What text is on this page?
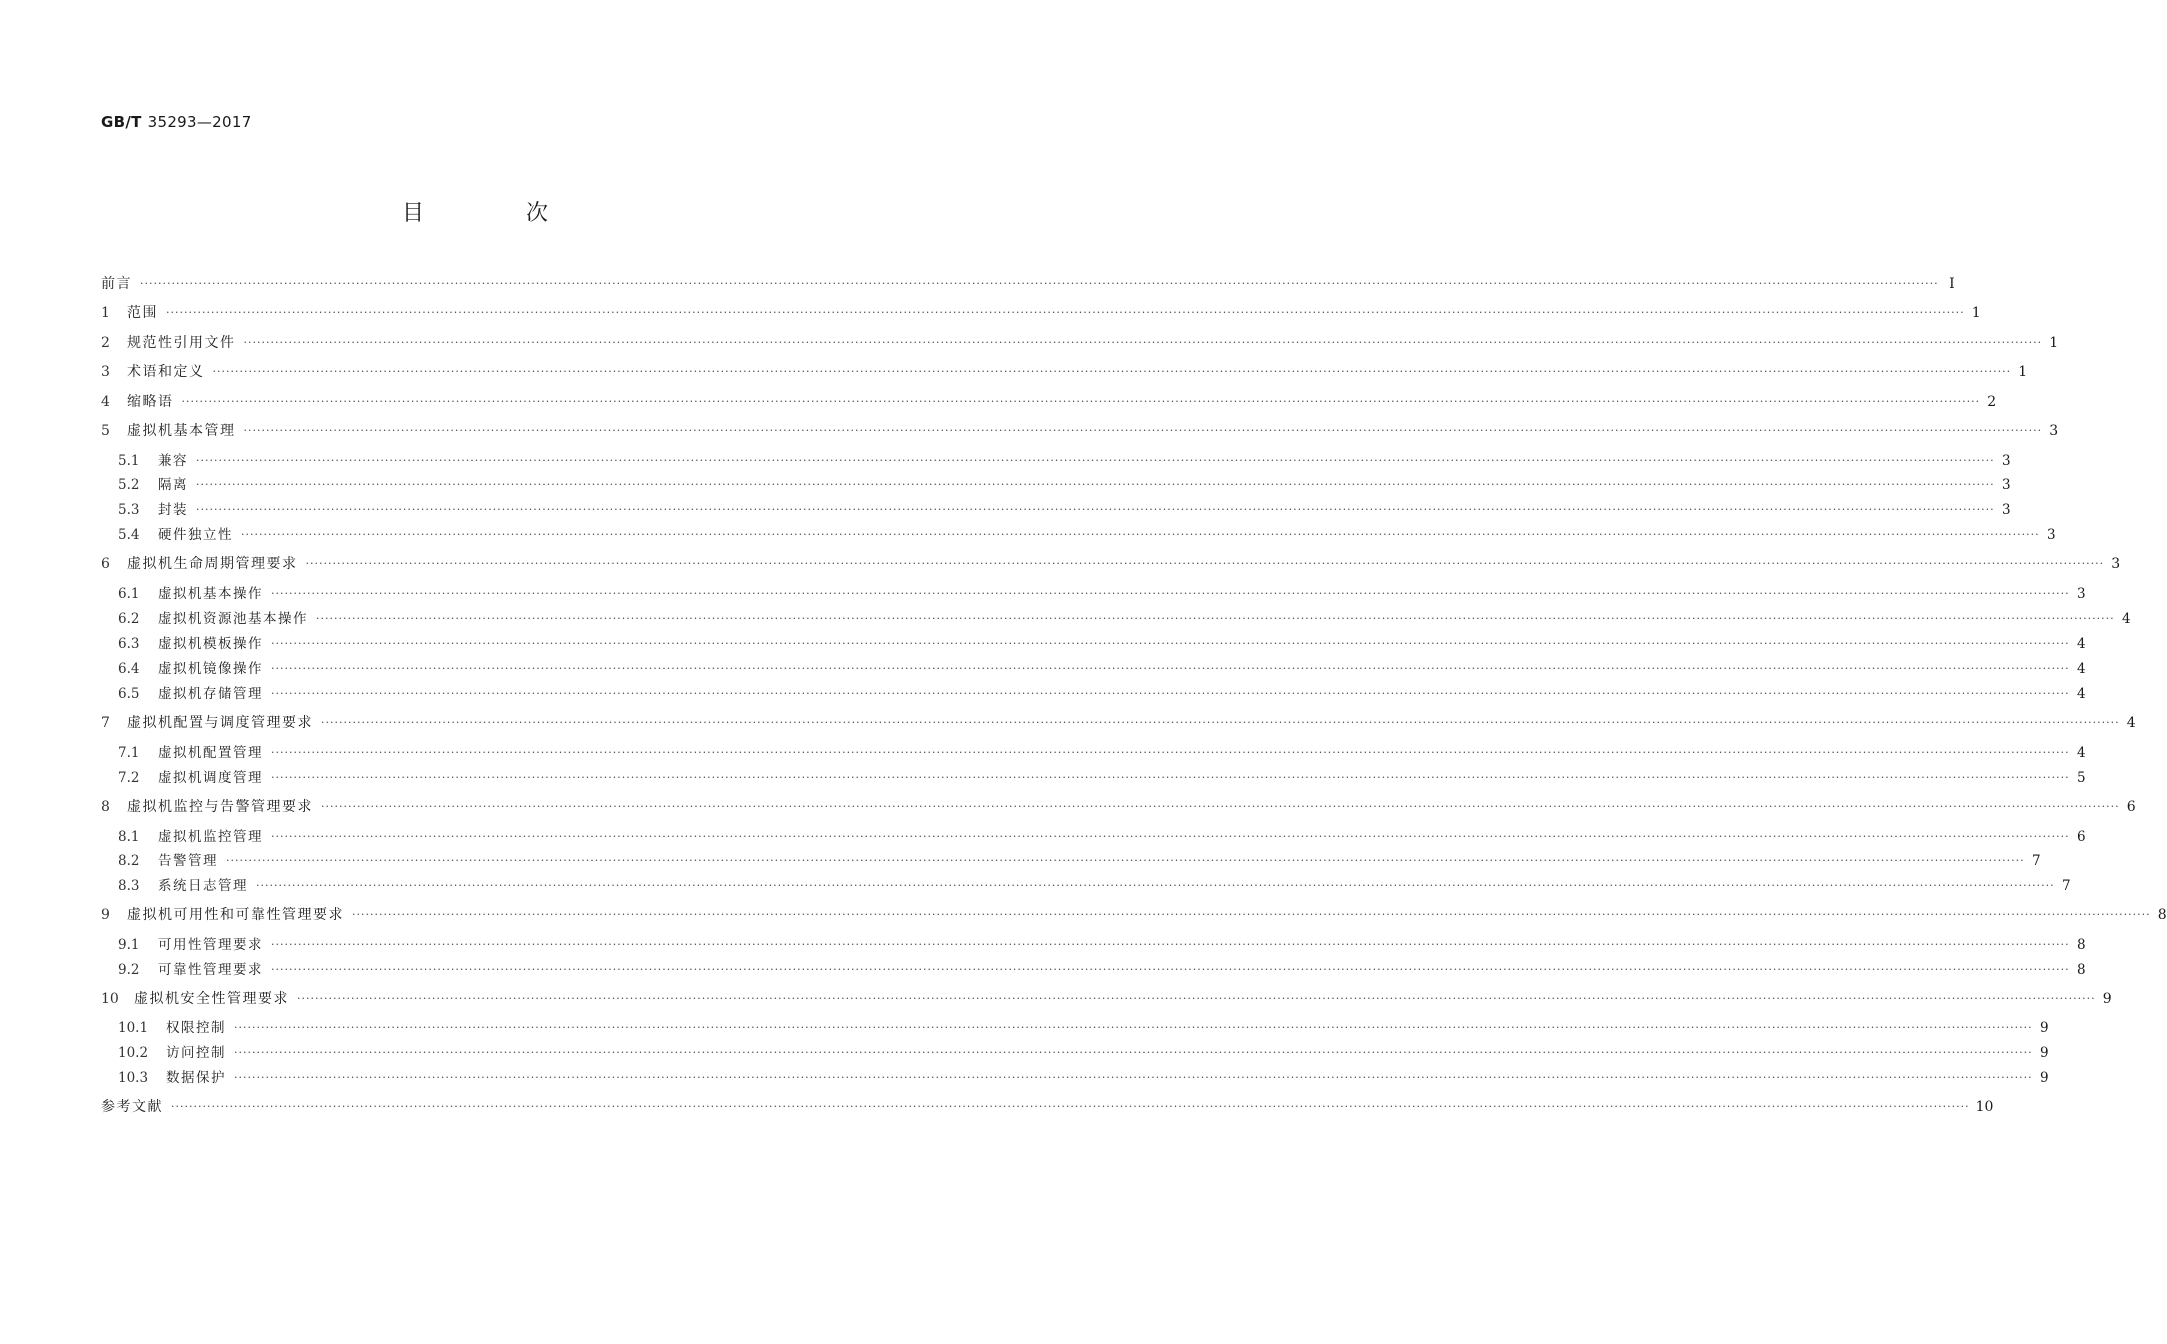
GB/T 35293—2017
目　次
前言 ················································································································································································································································································································································································································ Ⅰ
1	范围 ················································································································································································································································································································································································································ 1
2	规范性引用文件 ················································································································································································································································································································································································································ 1
3	术语和定义 ················································································································································································································································································································································································································ 1
4	缩略语 ················································································································································································································································································································································································································ 2
5	虚拟机基本管理 ················································································································································································································································································································································································································ 3
5.1	兼容 ················································································································································································································································································································································································································ 3
5.2	隔离 ················································································································································································································································································································································································································ 3
5.3	封装 ················································································································································································································································································································································································································ 3
5.4	硬件独立性 ················································································································································································································································································································································································································ 3
6	虚拟机生命周期管理要求 ················································································································································································································································································································································································································ 3
6.1	虚拟机基本操作 ················································································································································································································································································································································································································ 3
6.2	虚拟机资源池基本操作 ················································································································································································································································································································································································································ 4
6.3	虚拟机模板操作 ················································································································································································································································································································································································································ 4
6.4	虚拟机镜像操作 ················································································································································································································································································································································································································ 4
6.5	虚拟机存储管理 ················································································································································································································································································································································································································ 4
7	虚拟机配置与调度管理要求 ················································································································································································································································································································································································································ 4
7.1	虚拟机配置管理 ················································································································································································································································································································································································································ 4
7.2	虚拟机调度管理 ················································································································································································································································································································································································································ 5
8	虚拟机监控与告警管理要求 ················································································································································································································································································································································································································ 6
8.1	虚拟机监控管理 ················································································································································································································································································································································································································ 6
8.2	告警管理 ················································································································································································································································································································································································································ 7
8.3	系统日志管理 ················································································································································································································································································································································································································ 7
9	虚拟机可用性和可靠性管理要求 ················································································································································································································································································································································································································ 8
9.1	可用性管理要求 ················································································································································································································································································································································································································ 8
9.2	可靠性管理要求 ················································································································································································································································································································································································································ 8
10	虚拟机安全性管理要求 ················································································································································································································································································································································································································ 9
10.1	权限控制 ················································································································································································································································································································································································································ 9
10.2	访问控制 ················································································································································································································································································································································································································ 9
10.3	数据保护 ················································································································································································································································································································································································································ 9
参考文献 ················································································································································································································································································································································································································ 10
